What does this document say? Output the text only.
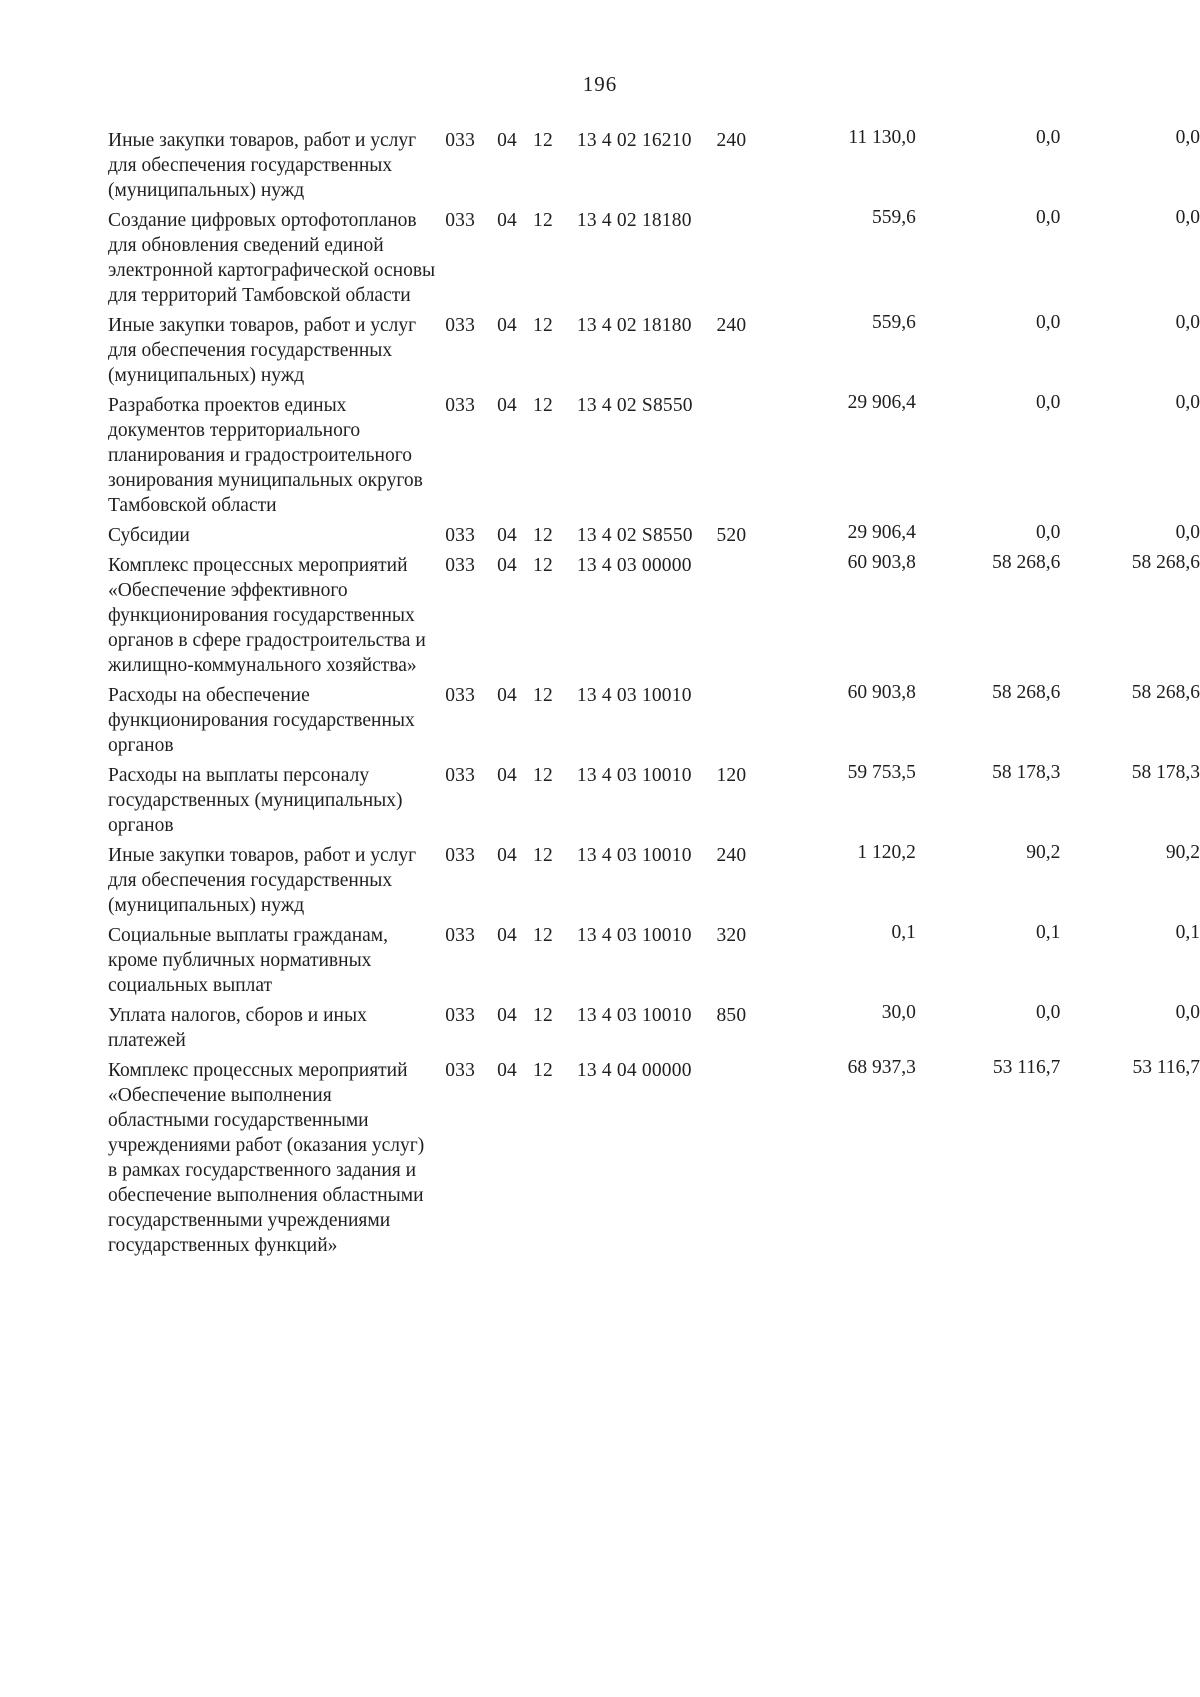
196
Иные закупки товаров, работ и услуг для обеспечения государственных (муниципальных) нужд	033	04	12	13 4 02 16210	240	11 130,0	0,0	0,0
Создание цифровых ортофотопланов для обновления сведений единой электронной картографической основы для территорий Тамбовской области	033	04	12	13 4 02 18180		559,6	0,0	0,0
Иные закупки товаров, работ и услуг для обеспечения государственных (муниципальных) нужд	033	04	12	13 4 02 18180	240	559,6	0,0	0,0
Разработка проектов единых документов территориального планирования и градостроительного зонирования муниципальных округов Тамбовской области	033	04	12	13 4 02 S8550		29 906,4	0,0	0,0
Субсидии	033	04	12	13 4 02 S8550	520	29 906,4	0,0	0,0
Комплекс процессных мероприятий «Обеспечение эффективного функционирования государственных органов в сфере градостроительства и жилищно-коммунального хозяйства»	033	04	12	13 4 03 00000		60 903,8	58 268,6	58 268,6
Расходы на обеспечение функционирования государственных органов	033	04	12	13 4 03 10010		60 903,8	58 268,6	58 268,6
Расходы на выплаты персоналу государственных (муниципальных) органов	033	04	12	13 4 03 10010	120	59 753,5	58 178,3	58 178,3
Иные закупки товаров, работ и услуг для обеспечения государственных (муниципальных) нужд	033	04	12	13 4 03 10010	240	1 120,2	90,2	90,2
Социальные выплаты гражданам, кроме публичных нормативных социальных выплат	033	04	12	13 4 03 10010	320	0,1	0,1	0,1
Уплата налогов, сборов и иных платежей	033	04	12	13 4 03 10010	850	30,0	0,0	0,0
Комплекс процессных мероприятий «Обеспечение выполнения областными государственными учреждениями работ (оказания услуг) в рамках государственного задания и обеспечение выполнения областными государственными учреждениями государственных функций»	033	04	12	13 4 04 00000		68 937,3	53 116,7	53 116,7
